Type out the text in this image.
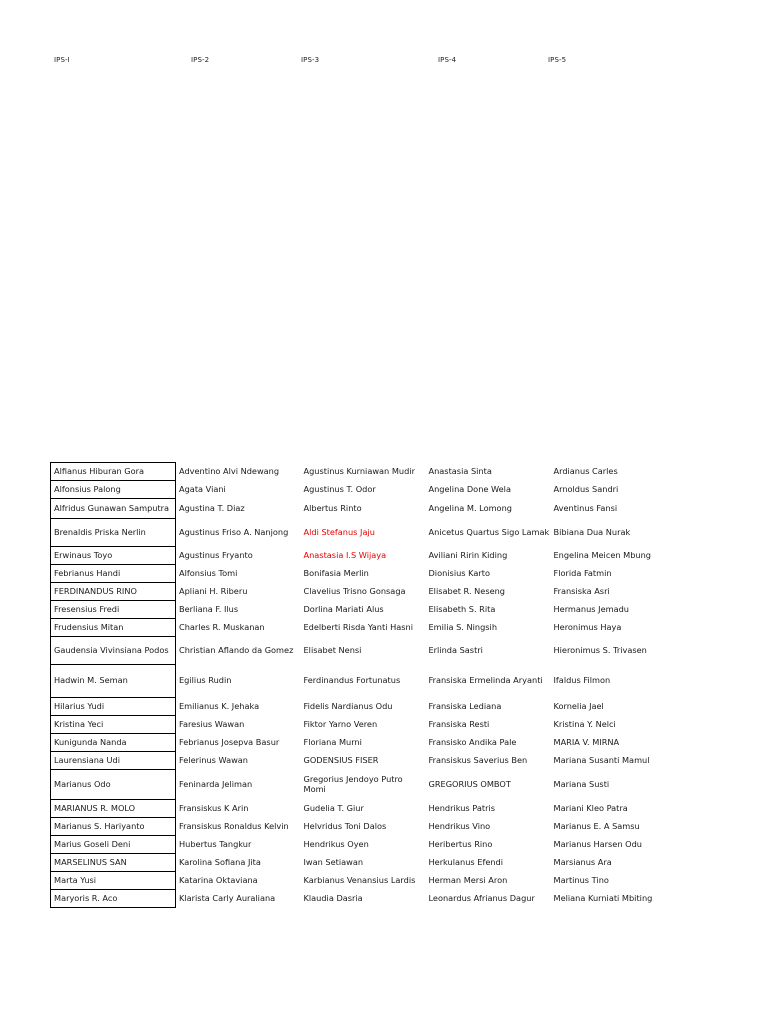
IPS-I	IPS-2	IPS-3	IPS-4	IPS-5
Alfianus Hiburan Gora	Adventino Alvi Ndewang	Agustinus Kurniawan Mudir	Anastasia Sinta	Ardianus Carles
Alfonsius Palong	Agata Viani	Agustinus T. Odor	Angelina Done Wela	Arnoldus Sandri
Alfridus Gunawan Samputra	Agustina T. Diaz	Albertus Rinto	Angelina M. Lomong	Aventinus Fansi
Brenaldis Priska Nerlin	Agustinus Friso A. Nanjong	Aldi Stefanus Jaju	Anicetus Quartus Sigo Lamak	Bibiana Dua Nurak
Erwinaus Toyo	Agustinus Fryanto	Anastasia I.S Wijaya	Aviliani Ririn Kiding	Engelina Meicen Mbung
Febrianus Handi	Alfonsius Tomi	Bonifasia Merlin	Dionisius Karto	Florida Fatmin
FERDINANDUS RINO	Apliani H. Riberu	Clavelius Trisno Gonsaga	Elisabet R. Neseng	Fransiska Asri
Fresensius Fredi	Berliana F. Ilus	Dorlina Mariati Alus	Elisabeth S. Rita	Hermanus Jemadu
Frudensius Mitan	Charles R. Muskanan	Edelberti Risda Yanti Hasni	Emilia S. Ningsih	Heronimus Haya
Gaudensia Vivinsiana Podos	Christian Aflando da Gomez	Elisabet Nensi	Erlinda Sastri	Hieronimus S. Trivasen
Hadwin M. Seman	Egilius Rudin	Ferdinandus Fortunatus	Fransiska Ermelinda Aryanti	Ifaldus Filmon
Hilarius Yudi	Emilianus K. Jehaka	Fidelis Nardianus Odu	Fransiska Lediana	Kornelia Jael
Kristina Yeci	Faresius Wawan	Fiktor Yarno Veren	Fransiska Resti	Kristina Y. Nelci
Kunigunda Nanda	Febrianus Josepva Basur	Floriana Murni	Fransisko Andika Pale	MARIA V. MIRNA
Laurensiana Udi	Felerinus Wawan	GODENSIUS FISER	Fransiskus Saverius Ben	Mariana Susanti Mamul
Marianus Odo	Feninarda Jeliman	Gregorius Jendoyo Putro Momi	GREGORIUS OMBOT	Mariana Susti
MARIANUS R. MOLO	Fransiskus K Arin	Gudelia T. Giur	Hendrikus Patris	Mariani Kleo Patra
Marianus S. Hariyanto	Fransiskus Ronaldus Kelvin	Helvridus Toni Dalos	Hendrikus Vino	Marianus E. A Samsu
Marius Goseli Deni	Hubertus Tangkur	Hendrikus Oyen	Heribertus Rino	Marianus Harsen Odu
MARSELINUS SAN	Karolina Sofiana Jita	Iwan Setiawan	Herkulanus Efendi	Marsianus Ara
Marta Yusi	Katarina Oktaviana	Karbianus Venansius Lardis	Herman Mersi Aron	Martinus Tino
Maryoris R. Aco	Klarista Carly Auraliana	Klaudia Dasria	Leonardus Afrianus Dagur	Meliana Kurniati Mbiting
